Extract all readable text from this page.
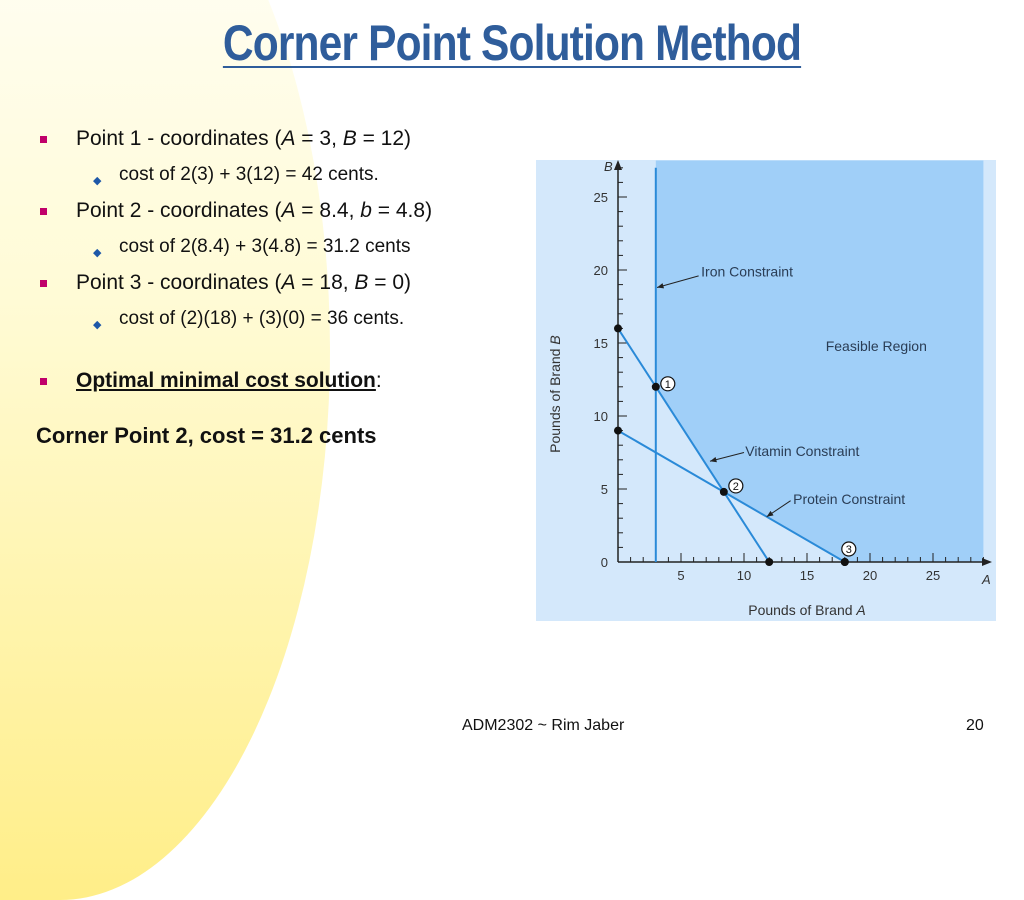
Corner Point Solution Method
Point 1 - coordinates (A = 3, B = 12)
◆ cost of 2(3) + 3(12) = 42 cents.
Point 2 - coordinates (A = 8.4, b = 4.8)
◆ cost of 2(8.4) + 3(4.8) = 31.2 cents
Point 3 - coordinates (A = 18, B = 0)
◆ cost of (2)(18) + (3)(0) = 36 cents.
Optimal minimal cost solution:
Corner Point 2, cost = 31.2 cents
Feasible Region
5	10	15	20	25
0
5
10
15
20
25
B
A
Pounds of Brand A
Pounds of Brand B
Iron Constraint
Vitamin Constraint
Protein Constraint
1
2
3
ADM2302 ~ Rim Jaber	20
